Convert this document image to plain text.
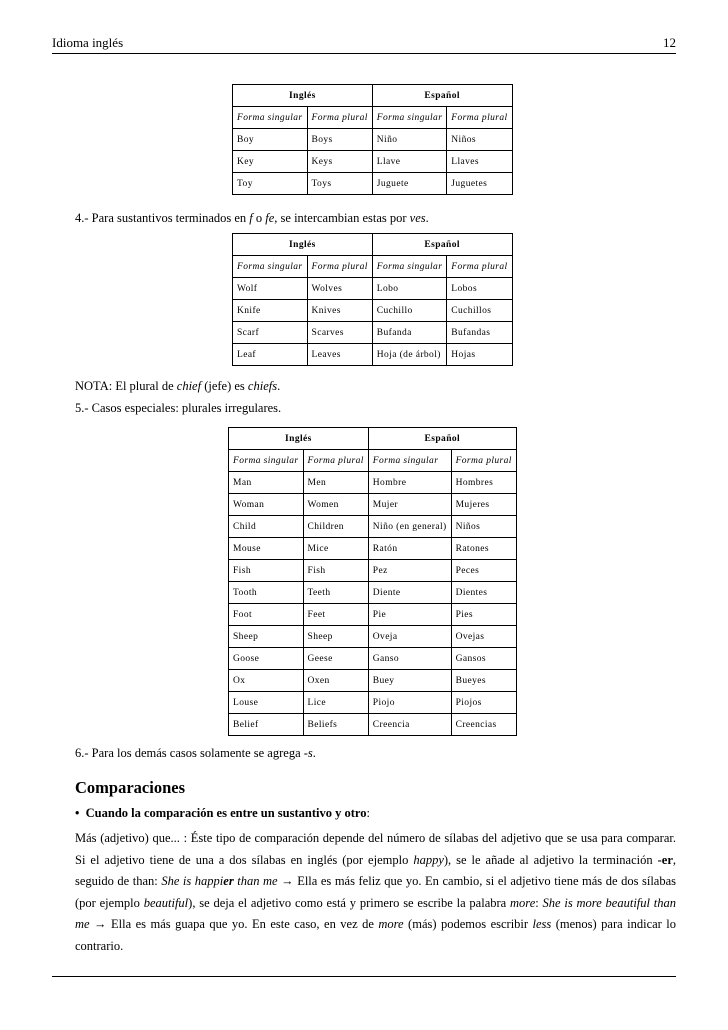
Idioma inglés	12
Inglés		Español	
Forma singular	Forma plural	Forma singular	Forma plural
Boy	Boys	Niño	Niños
Key	Keys	Llave	Llaves
Toy	Toys	Juguete	Juguetes
4.- Para sustantivos terminados en f o fe, se intercambian estas por ves.
Inglés		Español	
Forma singular	Forma plural	Forma singular	Forma plural
Wolf	Wolves	Lobo	Lobos
Knife	Knives	Cuchillo	Cuchillos
Scarf	Scarves	Bufanda	Bufandas
Leaf	Leaves	Hoja (de árbol)	Hojas
NOTA: El plural de chief (jefe) es chiefs.
5.- Casos especiales: plurales irregulares.
Inglés		Español	
Forma singular	Forma plural	Forma singular	Forma plural
Man	Men	Hombre	Hombres
Woman	Women	Mujer	Mujeres
Child	Children	Niño (en general)	Niños
Mouse	Mice	Ratón	Ratones
Fish	Fish	Pez	Peces
Tooth	Teeth	Diente	Dientes
Foot	Feet	Pie	Pies
Sheep	Sheep	Oveja	Ovejas
Goose	Geese	Ganso	Gansos
Ox	Oxen	Buey	Bueyes
Louse	Lice	Piojo	Piojos
Belief	Beliefs	Creencia	Creencias
6.- Para los demás casos solamente se agrega -s.
Comparaciones
• Cuando la comparación es entre un sustantivo y otro:
Más (adjetivo) que... : Éste tipo de comparación depende del número de sílabas del adjetivo que se usa para comparar. Si el adjetivo tiene de una a dos sílabas en inglés (por ejemplo happy), se le añade al adjetivo la terminación -er, seguido de than: She is happier than me → Ella es más feliz que yo. En cambio, si el adjetivo tiene más de dos sílabas (por ejemplo beautiful), se deja el adjetivo como está y primero se escribe la palabra more: She is more beautiful than me → Ella es más guapa que yo. En este caso, en vez de more (más) podemos escribir less (menos) para indicar lo contrario.
